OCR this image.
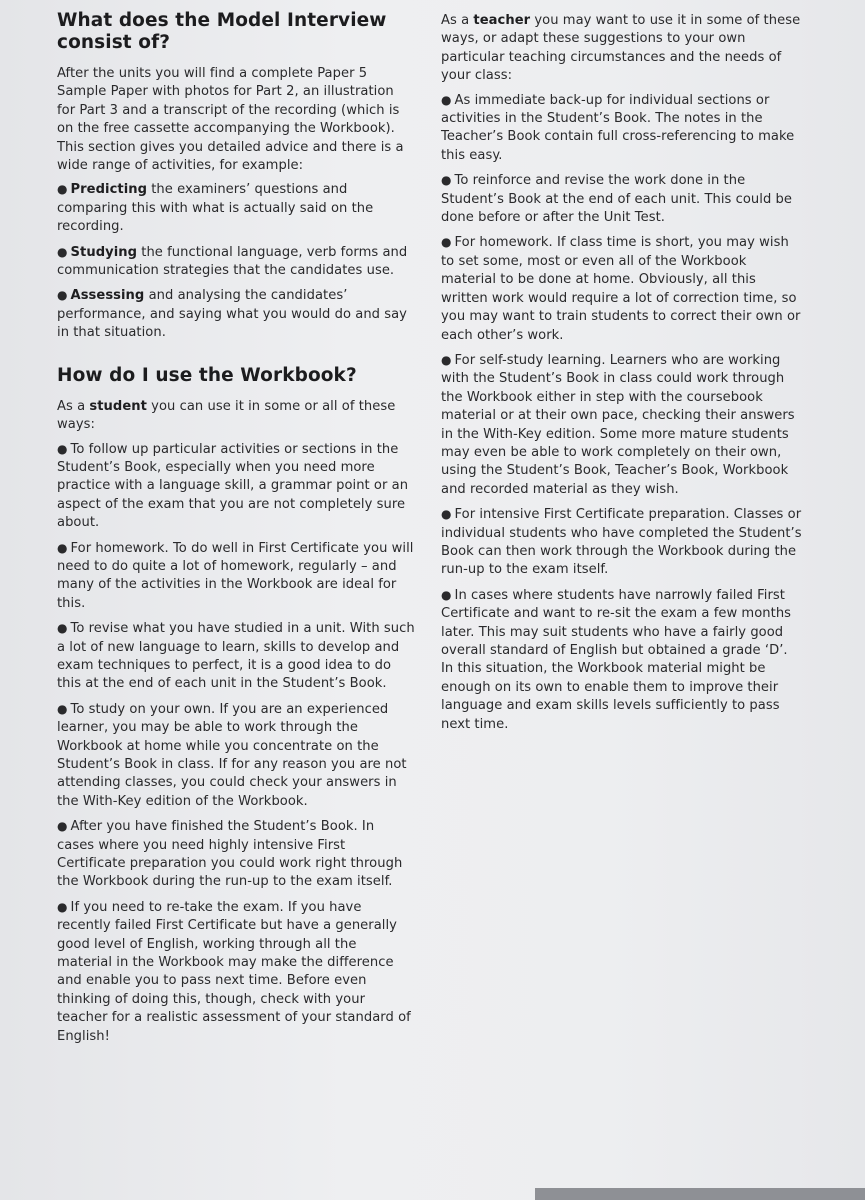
What does the Model Interview consist of?

After the units you will find a complete Paper 5 Sample Paper with photos for Part 2, an illustration for Part 3 and a transcript of the recording (which is on the free cassette accompanying the Workbook). This section gives you detailed advice and there is a wide range of activities, for example:

● Predicting the examiners’ questions and comparing this with what is actually said on the recording.

● Studying the functional language, verb forms and communication strategies that the candidates use.

● Assessing and analysing the candidates’ performance, and saying what you would do and say in that situation.

How do I use the Workbook?

As a student you can use it in some or all of these ways:

● To follow up particular activities or sections in the Student’s Book, especially when you need more practice with a language skill, a grammar point or an aspect of the exam that you are not completely sure about.

● For homework. To do well in First Certificate you will need to do quite a lot of homework, regularly – and many of the activities in the Workbook are ideal for this.

● To revise what you have studied in a unit. With such a lot of new language to learn, skills to develop and exam techniques to perfect, it is a good idea to do this at the end of each unit in the Student’s Book.

● To study on your own. If you are an experienced learner, you may be able to work through the Workbook at home while you concentrate on the Student’s Book in class. If for any reason you are not attending classes, you could check your answers in the With-Key edition of the Workbook.

● After you have finished the Student’s Book. In cases where you need highly intensive First Certificate preparation you could work right through the Workbook during the run-up to the exam itself.

● If you need to re-take the exam. If you have recently failed First Certificate but have a generally good level of English, working through all the material in the Workbook may make the difference and enable you to pass next time. Before even thinking of doing this, though, check with your teacher for a realistic assessment of your standard of English!

As a teacher you may want to use it in some of these ways, or adapt these suggestions to your own particular teaching circumstances and the needs of your class:

● As immediate back-up for individual sections or activities in the Student’s Book. The notes in the Teacher’s Book contain full cross-referencing to make this easy.

● To reinforce and revise the work done in the Student’s Book at the end of each unit. This could be done before or after the Unit Test.

● For homework. If class time is short, you may wish to set some, most or even all of the Workbook material to be done at home. Obviously, all this written work would require a lot of correction time, so you may want to train students to correct their own or each other’s work.

● For self-study learning. Learners who are working with the Student’s Book in class could work through the Workbook either in step with the coursebook material or at their own pace, checking their answers in the With-Key edition. Some more mature students may even be able to work completely on their own, using the Student’s Book, Teacher’s Book, Workbook and recorded material as they wish.

● For intensive First Certificate preparation. Classes or individual students who have completed the Student’s Book can then work through the Workbook during the run-up to the exam itself.

● In cases where students have narrowly failed First Certificate and want to re-sit the exam a few months later. This may suit students who have a fairly good overall standard of English but obtained a grade ‘D’. In this situation, the Workbook material might be enough on its own to enable them to improve their language and exam skills levels sufficiently to pass next time.
